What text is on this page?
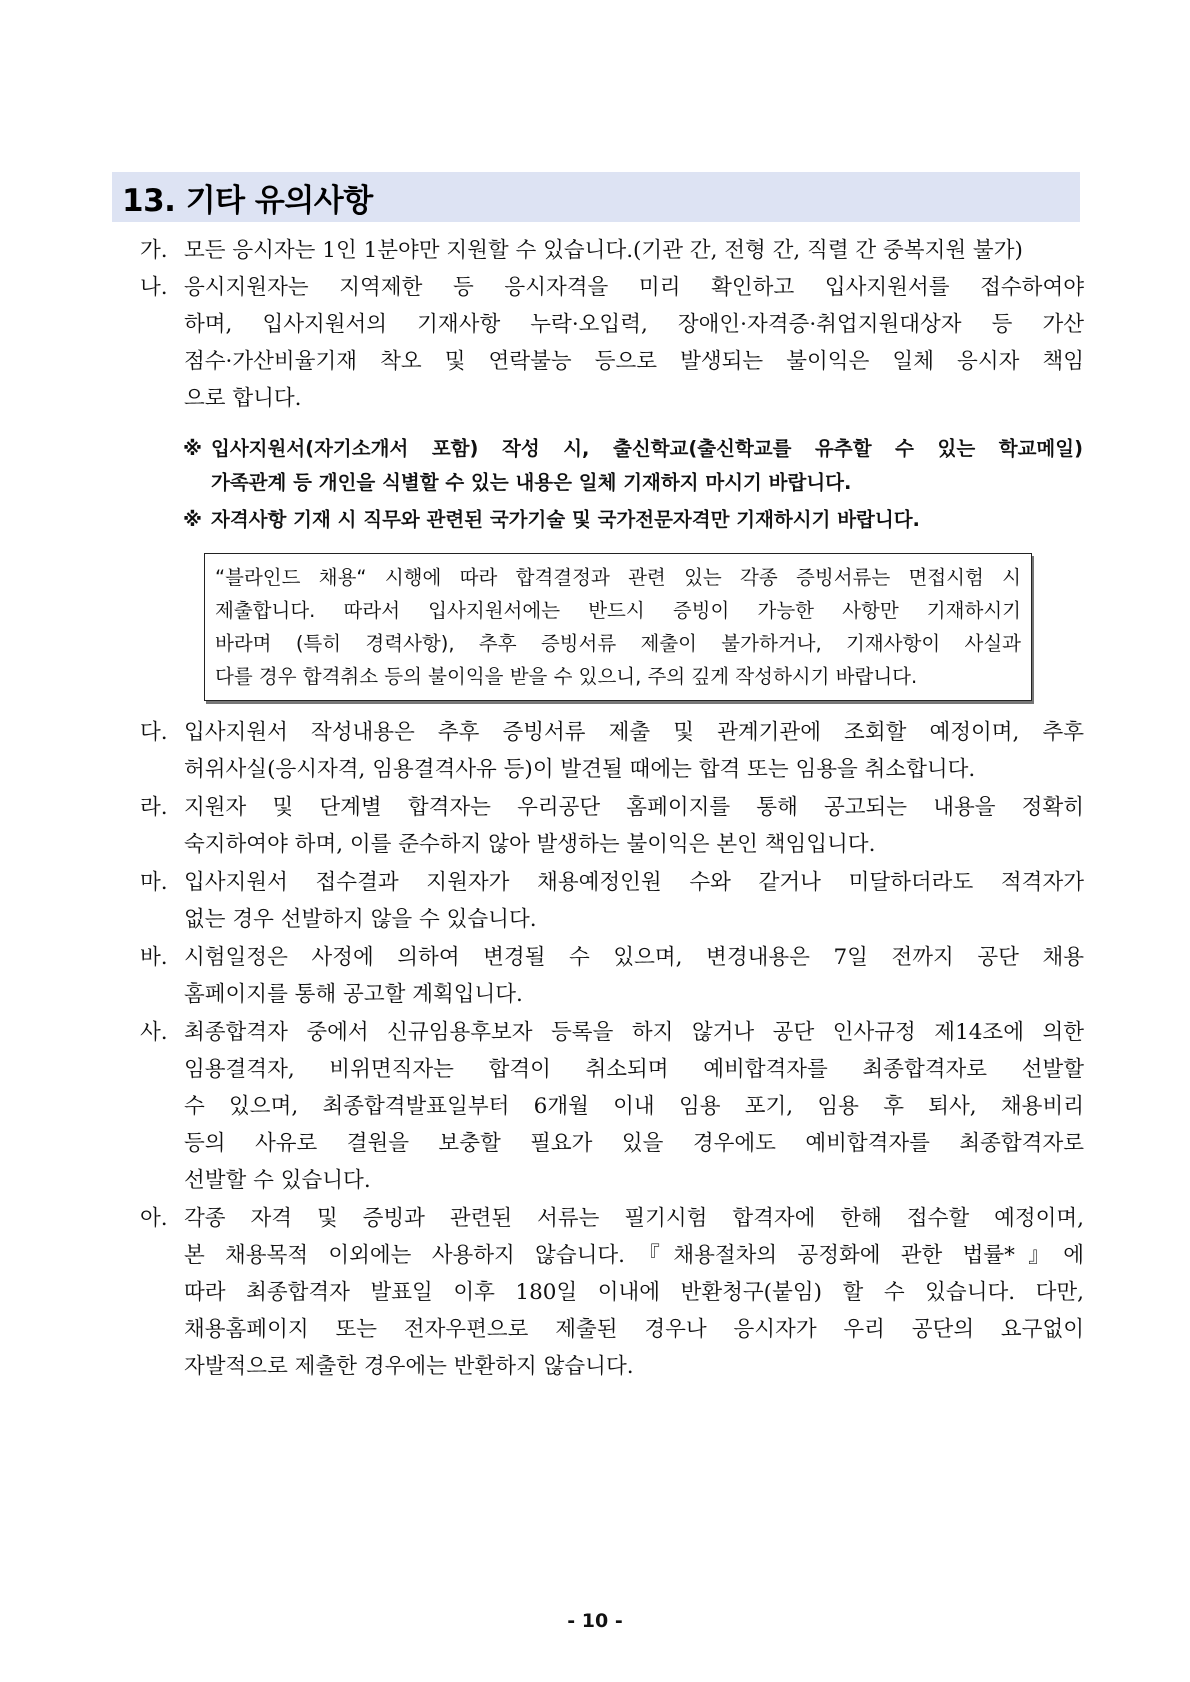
13. 기타 유의사항
가. 모든 응시자는 1인 1분야만 지원할 수 있습니다.(기관 간, 전형 간, 직렬 간 중복지원 불가)
나. 응시지원자는 지역제한 등 응시자격을 미리 확인하고 입사지원서를 접수하여야
하며, 입사지원서의 기재사항 누락·오입력, 장애인·자격증·취업지원대상자 등 가산
점수·가산비율기재 착오 및 연락불능 등으로 발생되는 불이익은 일체 응시자 책임
으로 합니다.
※ 입사지원서(자기소개서 포함) 작성 시, 출신학교(출신학교를 유추할 수 있는 학교메일)
가족관계 등 개인을 식별할 수 있는 내용은 일체 기재하지 마시기 바랍니다.
※ 자격사항 기재 시 직무와 관련된 국가기술 및 국가전문자격만 기재하시기 바랍니다.
“블라인드 채용“ 시행에 따라 합격결정과 관련 있는 각종 증빙서류는 면접시험 시
제출합니다. 따라서 입사지원서에는 반드시 증빙이 가능한 사항만 기재하시기
바라며 (특히 경력사항), 추후 증빙서류 제출이 불가하거나, 기재사항이 사실과
다를 경우 합격취소 등의 불이익을 받을 수 있으니, 주의 깊게 작성하시기 바랍니다.
다. 입사지원서 작성내용은 추후 증빙서류 제출 및 관계기관에 조회할 예정이며, 추후
허위사실(응시자격, 임용결격사유 등)이 발견될 때에는 합격 또는 임용을 취소합니다.
라. 지원자 및 단계별 합격자는 우리공단 홈페이지를 통해 공고되는 내용을 정확히
숙지하여야 하며, 이를 준수하지 않아 발생하는 불이익은 본인 책임입니다.
마. 입사지원서 접수결과 지원자가 채용예정인원 수와 같거나 미달하더라도 적격자가
없는 경우 선발하지 않을 수 있습니다.
바. 시험일정은 사정에 의하여 변경될 수 있으며, 변경내용은 7일 전까지 공단 채용
홈페이지를 통해 공고할 계획입니다.
사. 최종합격자 중에서 신규임용후보자 등록을 하지 않거나 공단 인사규정 제14조에 의한
임용결격자, 비위면직자는 합격이 취소되며 예비합격자를 최종합격자로 선발할
수 있으며, 최종합격발표일부터 6개월 이내 임용 포기, 임용 후 퇴사, 채용비리
등의 사유로 결원을 보충할 필요가 있을 경우에도 예비합격자를 최종합격자로
선발할 수 있습니다.
아. 각종 자격 및 증빙과 관련된 서류는 필기시험 합격자에 한해 접수할 예정이며,
본 채용목적 이외에는 사용하지 않습니다.『채용절차의 공정화에 관한 법률*』에
따라 최종합격자 발표일 이후 180일 이내에 반환청구(붙임) 할 수 있습니다. 다만,
채용홈페이지 또는 전자우편으로 제출된 경우나 응시자가 우리 공단의 요구없이
자발적으로 제출한 경우에는 반환하지 않습니다.
- 10 -
